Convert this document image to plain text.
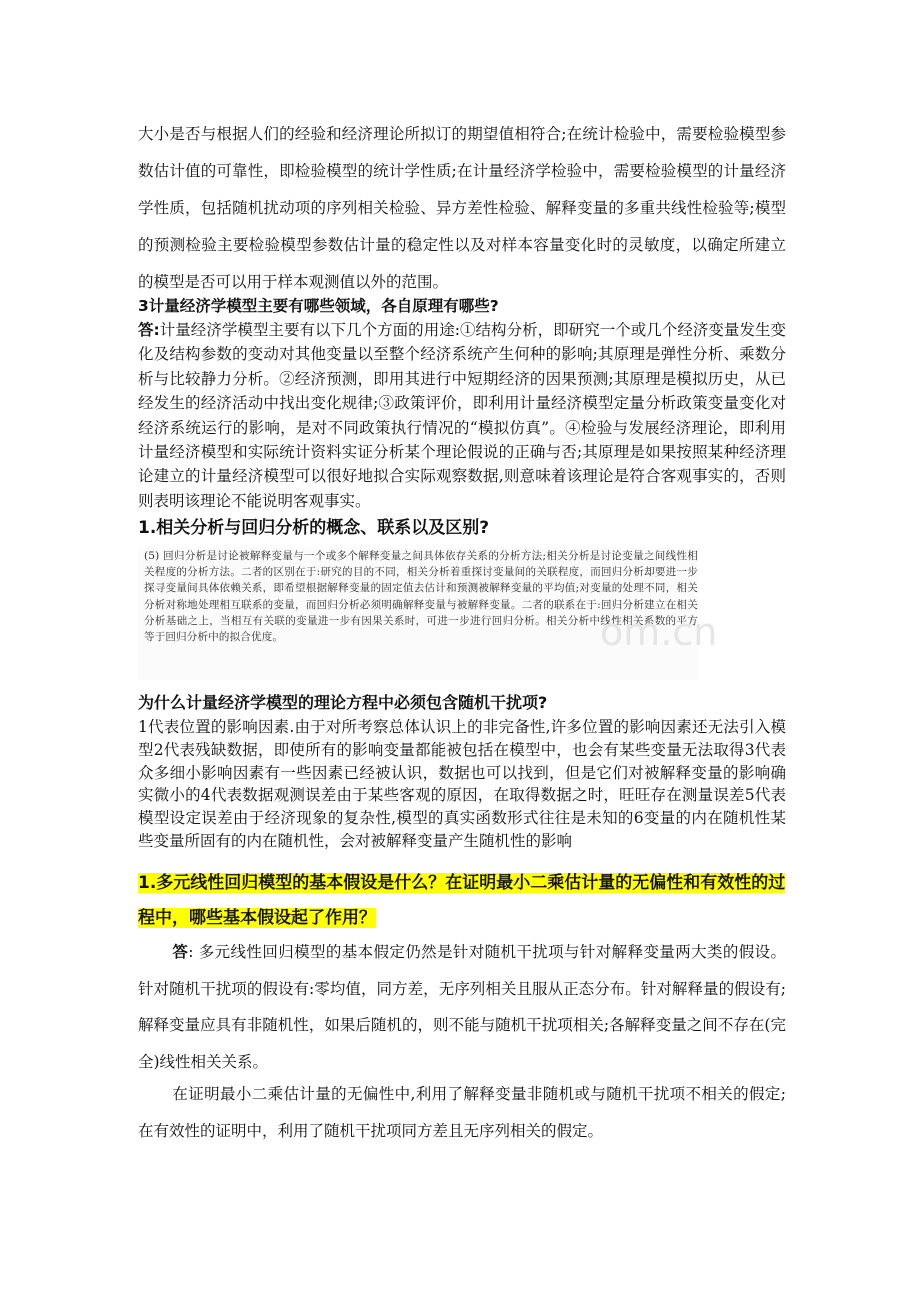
大小是否与根据人们的经验和经济理论所拟订的期望值相符合;在统计检验中，需要检验模型参数估计值的可靠性，即检验模型的统计学性质;在计量经济学检验中，需要检验模型的计量经济学性质，包括随机扰动项的序列相关检验、异方差性检验、解释变量的多重共线性检验等;模型的预测检验主要检验模型参数估计量的稳定性以及对样本容量变化时的灵敏度，以确定所建立的模型是否可以用于样本观测值以外的范围。
3计量经济学模型主要有哪些领域，各自原理有哪些?
答:计量经济学模型主要有以下几个方面的用途:①结构分析，即研究一个或几个经济变量发生变化及结构参数的变动对其他变量以至整个经济系统产生何种的影响;其原理是弹性分析、乘数分析与比较静力分析。②经济预测，即用其进行中短期经济的因果预测;其原理是模拟历史，从已经发生的经济活动中找出变化规律;③政策评价，即利用计量经济模型定量分析政策变量变化对经济系统运行的影响，是对不同政策执行情况的“模拟仿真”。④检验与发展经济理论，即利用计量经济模型和实际统计资料实证分析某个理论假说的正确与否;其原理是如果按照某种经济理论建立的计量经济模型可以很好地拟合实际观察数据,则意味着该理论是符合客观事实的，否则则表明该理论不能说明客观事实。
1.相关分析与回归分析的概念、联系以及区别?

(5) 回归分析是讨论被解释变量与一个或多个解释变量之间具体依存关系的分析方法;相关分析是讨论变量之间线性相关程度的分析方法。二者的区别在于:研究的目的不同，相关分析着重探讨变量间的关联程度，而回归分析却要进一步探寻变量间具体依赖关系，即希望根据解释变量的固定值去估计和预测被解释变量的平均值;对变量的处理不同，相关分析对称地处理相互联系的变量，而回归分析必须明确解释变量与被解释变量。二者的联系在于:回归分析建立在相关分析基础之上，当相互有关联的变量进一步有因果关系时，可进一步进行回归分析。相关分析中线性相关系数的平方等于回归分析中的拟合优度。	om.cn
为什么计量经济学模型的理论方程中必须包含随机干扰项?
1代表位置的影响因素.由于对所考察总体认识上的非完备性,许多位置的影响因素还无法引入模型2代表残缺数据，即使所有的影响变量都能被包括在模型中，也会有某些变量无法取得3代表众多细小影响因素有一些因素已经被认识，数据也可以找到，但是它们对被解释变量的影响确实微小的4代表数据观测误差由于某些客观的原因，在取得数据之时，旺旺存在测量误差5代表模型设定误差由于经济现象的复杂性,模型的真实函数形式往往是未知的6变量的内在随机性某些变量所固有的内在随机性，会对被解释变量产生随机性的影响
1.多元线性回归模型的基本假设是什么？在证明最小二乘估计量的无偏性和有效性的过程中，哪些基本假设起了作用？
答: 多元线性回归模型的基本假定仍然是针对随机干扰项与针对解释变量两大类的假设。针对随机干扰项的假设有:零均值，同方差，无序列相关且服从正态分布。针对解释量的假设有;解释变量应具有非随机性，如果后随机的，则不能与随机干扰项相关;各解释变量之间不存在(完全)线性相关关系。
在证明最小二乘估计量的无偏性中,利用了解释变量非随机或与随机干扰项不相关的假定;在有效性的证明中，利用了随机干扰项同方差且无序列相关的假定。
